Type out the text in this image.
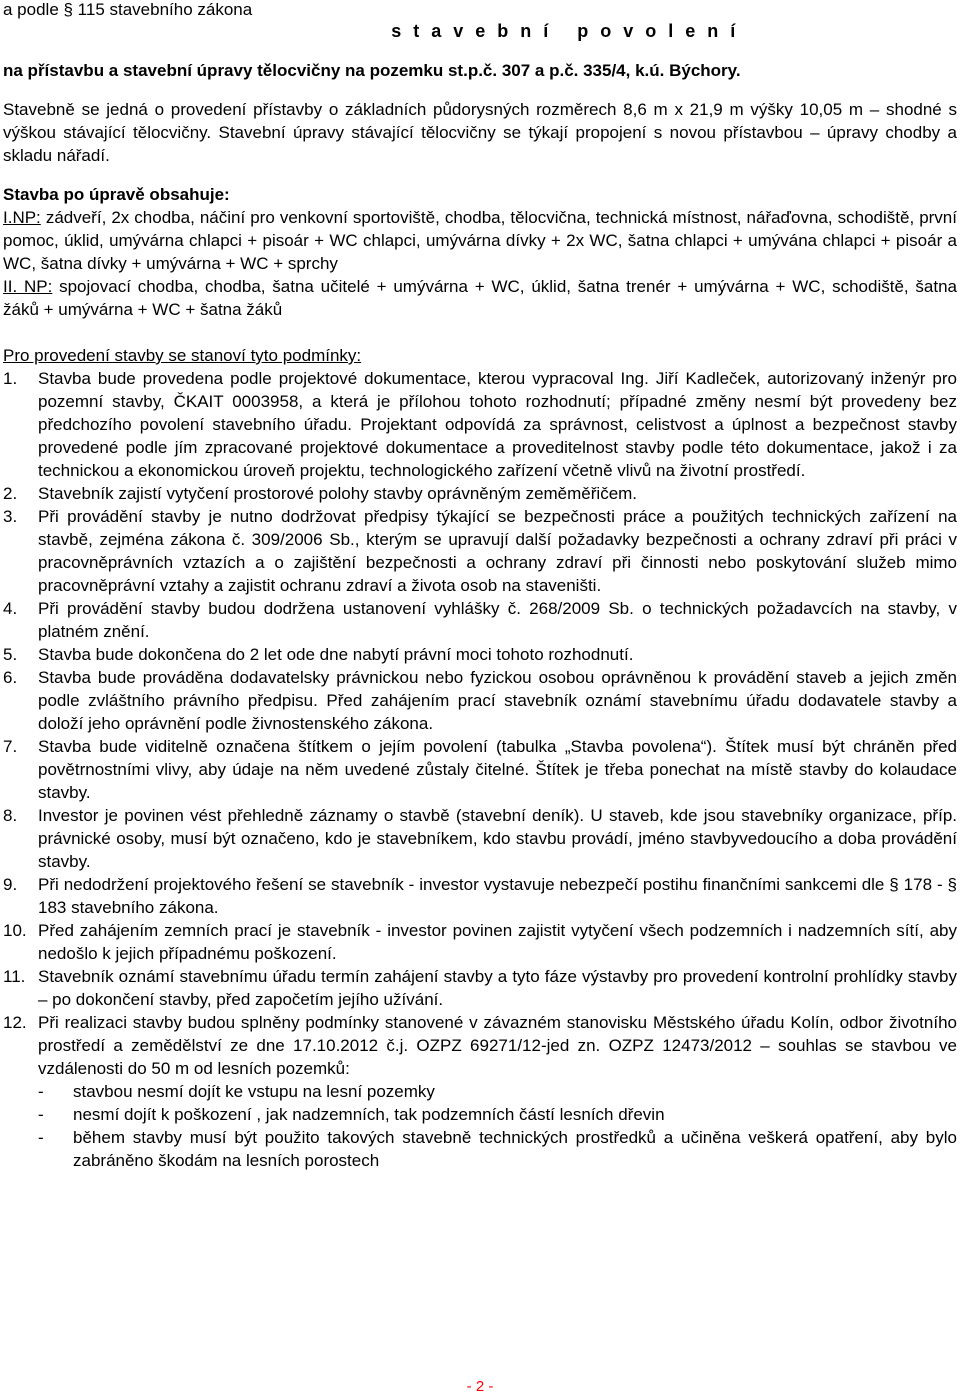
a podle § 115 stavebního zákona
s t a v e b n í   p o v o l e n í
na přístavbu a stavební úpravy tělocvičny na pozemku st.p.č. 307 a p.č. 335/4, k.ú. Býchory.

Stavebně se jedná o provedení přístavby o základních půdorysných rozměrech 8,6 m x 21,9 m výšky 10,05 m – shodné s výškou stávající tělocvičny. Stavební úpravy stávající tělocvičny se týkají propojení s novou přístavbou – úpravy chodby a skladu nářadí.

Stavba po úpravě obsahuje:

I.NP: zádveří, 2x chodba, náčiní pro venkovní sportoviště, chodba, tělocvična, technická místnost, nářaďovna, schodiště, první pomoc, úklid, umývárna chlapci + pisoár + WC chlapci, umývárna dívky + 2x WC, šatna chlapci + umývána chlapci + pisoár a WC, šatna dívky + umývárna + WC + sprchy

II. NP: spojovací chodba, chodba, šatna učitelé + umývárna + WC, úklid, šatna trenér + umývárna + WC, schodiště, šatna žáků + umývárna + WC + šatna žáků

Pro provedení stavby se stanoví tyto podmínky:
1.	Stavba bude provedena podle projektové dokumentace, kterou vypracoval Ing. Jiří Kadleček, autorizovaný inženýr pro pozemní stavby, ČKAIT 0003958, a která je přílohou tohoto rozhodnutí; případné změny nesmí být provedeny bez předchozího povolení stavebního úřadu. Projektant odpovídá za správnost, celistvost a úplnost a bezpečnost stavby provedené podle jím zpracované projektové dokumentace a proveditelnost stavby podle této dokumentace, jakož i za technickou a ekonomickou úroveň projektu, technologického zařízení včetně vlivů na životní prostředí.
2.	Stavebník zajistí vytyčení prostorové polohy stavby oprávněným zeměměřičem.
3.	Při provádění stavby je nutno dodržovat předpisy týkající se bezpečnosti práce a použitých technických zařízení na stavbě, zejména zákona č. 309/2006 Sb., kterým se upravují další požadavky bezpečnosti a ochrany zdraví při práci v pracovněprávních vztazích a o zajištění bezpečnosti a ochrany zdraví při činnosti nebo poskytování služeb mimo pracovněprávní vztahy a zajistit ochranu zdraví a života osob na staveništi.
4.	Při provádění stavby budou dodržena ustanovení vyhlášky č. 268/2009 Sb. o technických požadavcích na stavby, v platném znění.
5.	Stavba bude dokončena do 2 let ode dne nabytí právní moci tohoto rozhodnutí.
6.	Stavba bude prováděna dodavatelsky právnickou nebo fyzickou osobou oprávněnou k provádění staveb a jejich změn podle zvláštního právního předpisu. Před zahájením prací stavebník oznámí stavebnímu úřadu dodavatele stavby a doloží jeho oprávnění podle živnostenského zákona.
7.	Stavba bude viditelně označena štítkem o jejím povolení (tabulka „Stavba povolena“). Štítek musí být chráněn před povětrnostními vlivy, aby údaje na něm uvedené zůstaly čitelné. Štítek je třeba ponechat na místě stavby do kolaudace stavby.
8.	Investor je povinen vést přehledně záznamy o stavbě (stavební deník). U staveb, kde jsou stavebníky organizace, příp. právnické osoby, musí být označeno, kdo je stavebníkem, kdo stavbu provádí, jméno stavbyvedoucího a doba provádění stavby.
9.	Při nedodržení projektového řešení se stavebník - investor vystavuje nebezpečí postihu finančními sankcemi dle § 178 - § 183 stavebního zákona.
10. Před zahájením zemních prací je stavebník - investor povinen zajistit vytyčení všech podzemních i nadzemních sítí, aby nedošlo k jejich případnému poškození.
11. Stavebník oznámí stavebnímu úřadu termín zahájení stavby a tyto fáze výstavby pro provedení kontrolní prohlídky stavby – po dokončení stavby, před započetím jejího užívání.
12. Při realizaci stavby budou splněny podmínky stanovené v závazném stanovisku Městského úřadu Kolín, odbor životního prostředí a zemědělství ze dne 17.10.2012 č.j. OZPZ 69271/12-jed zn. OZPZ 12473/2012 – souhlas se stavbou ve vzdálenosti do 50 m od lesních pozemků:
-	stavbou nesmí dojít ke vstupu na lesní pozemky
-	nesmí dojít k poškození , jak nadzemních, tak podzemních částí lesních dřevin
-	během stavby musí být použito takových stavebně technických prostředků a učiněna veškerá opatření, aby bylo zabráněno škodám na lesních porostech
- 2 -
